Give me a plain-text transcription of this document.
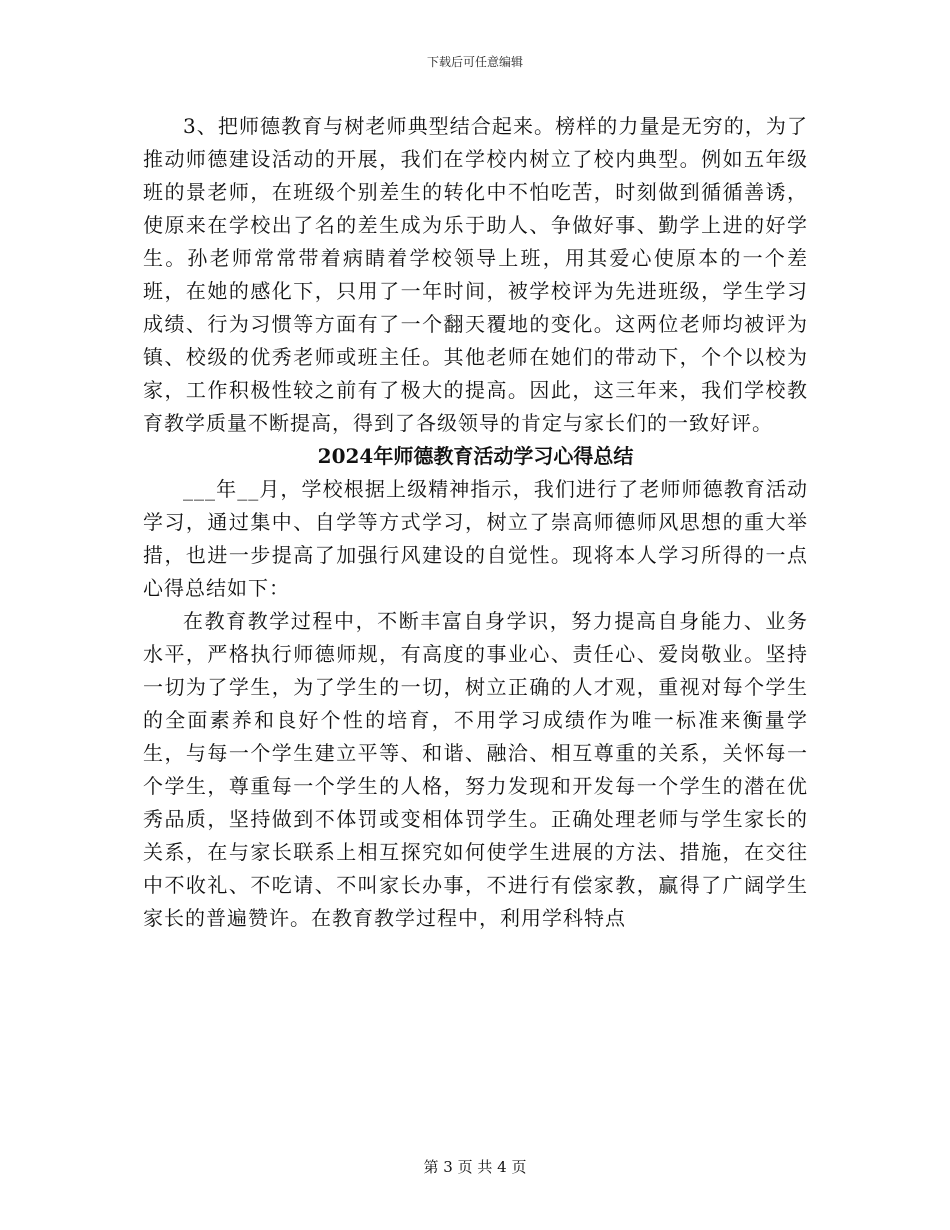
下载后可任意编辑

3、把师德教育与树老师典型结合起来。榜样的力量是无穷的，为了推动师德建设活动的开展，我们在学校内树立了校内典型。例如五年级班的景老师，在班级个别差生的转化中不怕吃苦，时刻做到循循善诱，使原来在学校出了名的差生成为乐于助人、争做好事、勤学上进的好学生。孙老师常常带着病睛着学校领导上班，用其爱心使原本的一个差班，在她的感化下，只用了一年时间，被学校评为先进班级，学生学习成绩、行为习惯等方面有了一个翻天覆地的变化。这两位老师均被评为镇、校级的优秀老师或班主任。其他老师在她们的带动下，个个以校为家，工作积极性较之前有了极大的提高。因此，这三年来，我们学校教育教学质量不断提高，得到了各级领导的肯定与家长们的一致好评。

2024年师德教育活动学习心得总结

___年__月，学校根据上级精神指示，我们进行了老师师德教育活动学习，通过集中、自学等方式学习，树立了崇高师德师风思想的重大举措，也进一步提高了加强行风建设的自觉性。现将本人学习所得的一点心得总结如下：

在教育教学过程中，不断丰富自身学识，努力提高自身能力、业务水平，严格执行师德师规，有高度的事业心、责任心、爱岗敬业。坚持一切为了学生，为了学生的一切，树立正确的人才观，重视对每个学生的全面素养和良好个性的培育，不用学习成绩作为唯一标准来衡量学生，与每一个学生建立平等、和谐、融洽、相互尊重的关系，关怀每一个学生，尊重每一个学生的人格，努力发现和开发每一个学生的潜在优秀品质，坚持做到不体罚或变相体罚学生。正确处理老师与学生家长的关系，在与家长联系上相互探究如何使学生进展的方法、措施，在交往中不收礼、不吃请、不叫家长办事，不进行有偿家教，赢得了广阔学生家长的普遍赞许。在教育教学过程中，利用学科特点

第 3 页 共 4 页
